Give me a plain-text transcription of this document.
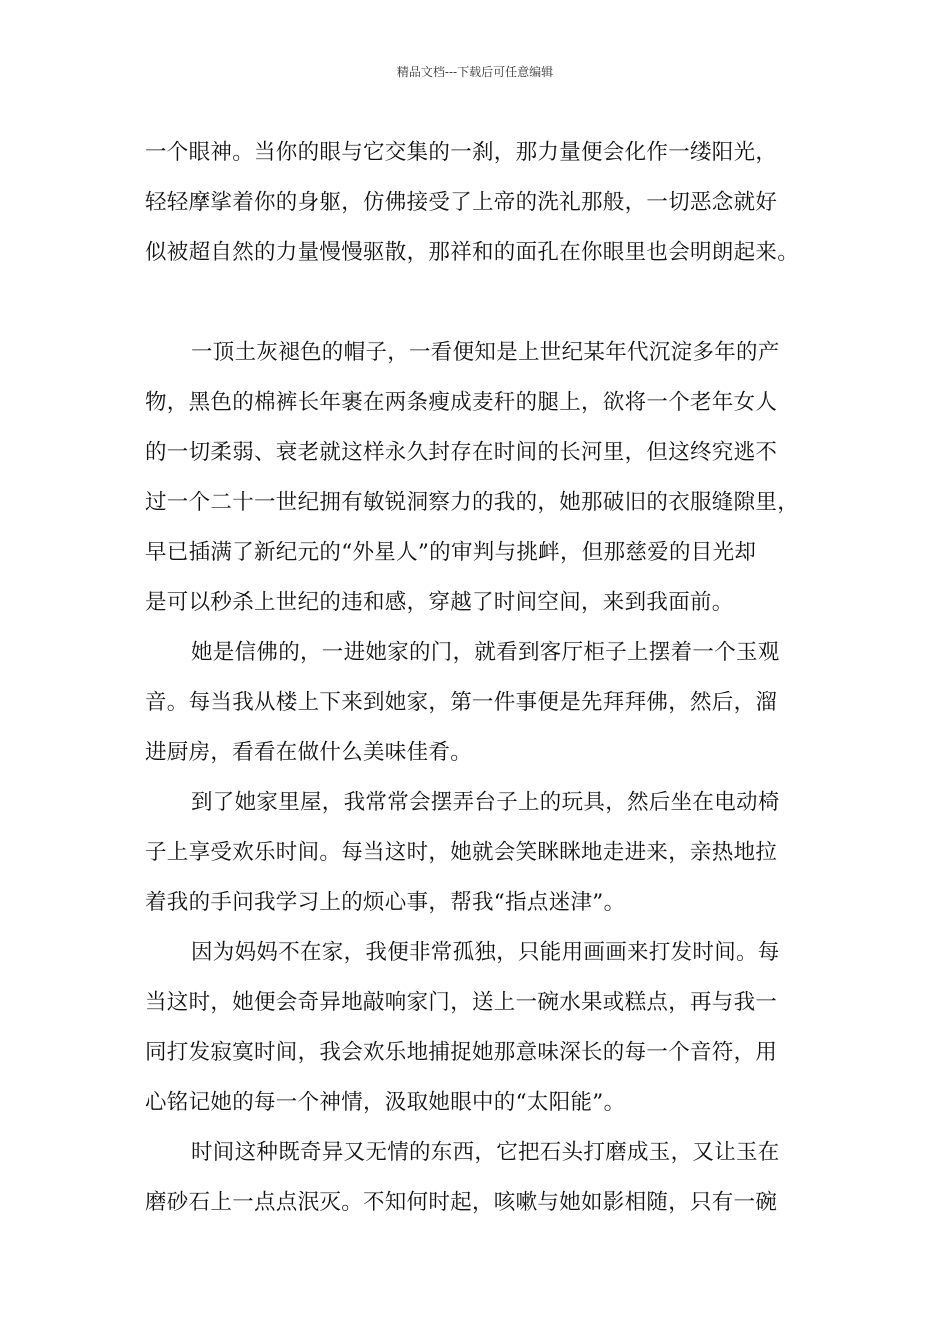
精品文档---下载后可任意编辑
一个眼神。当你的眼与它交集的一刹，那力量便会化作一缕阳光，
轻轻摩挲着你的身躯，仿佛接受了上帝的洗礼那般，一切恶念就好
似被超自然的力量慢慢驱散，那祥和的面孔在你眼里也会明朗起来。
一顶土灰褪色的帽子，一看便知是上世纪某年代沉淀多年的产
物，黑色的棉裤长年裹在两条瘦成麦秆的腿上，欲将一个老年女人
的一切柔弱、衰老就这样永久封存在时间的长河里，但这终究逃不
过一个二十一世纪拥有敏锐洞察力的我的，她那破旧的衣服缝隙里，
早已插满了新纪元的“外星人”的审判与挑衅，但那慈爱的目光却
是可以秒杀上世纪的违和感，穿越了时间空间，来到我面前。
她是信佛的，一进她家的门，就看到客厅柜子上摆着一个玉观
音。每当我从楼上下来到她家，第一件事便是先拜拜佛，然后，溜
进厨房，看看在做什么美味佳肴。
到了她家里屋，我常常会摆弄台子上的玩具，然后坐在电动椅
子上享受欢乐时间。每当这时，她就会笑眯眯地走进来，亲热地拉
着我的手问我学习上的烦心事，帮我“指点迷津”。
因为妈妈不在家，我便非常孤独，只能用画画来打发时间。每
当这时，她便会奇异地敲响家门，送上一碗水果或糕点，再与我一
同打发寂寞时间，我会欢乐地捕捉她那意味深长的每一个音符，用
心铭记她的每一个神情，汲取她眼中的“太阳能”。
时间这种既奇异又无情的东西，它把石头打磨成玉，又让玉在
磨砂石上一点点泯灭。不知何时起，咳嗽与她如影相随，只有一碗
